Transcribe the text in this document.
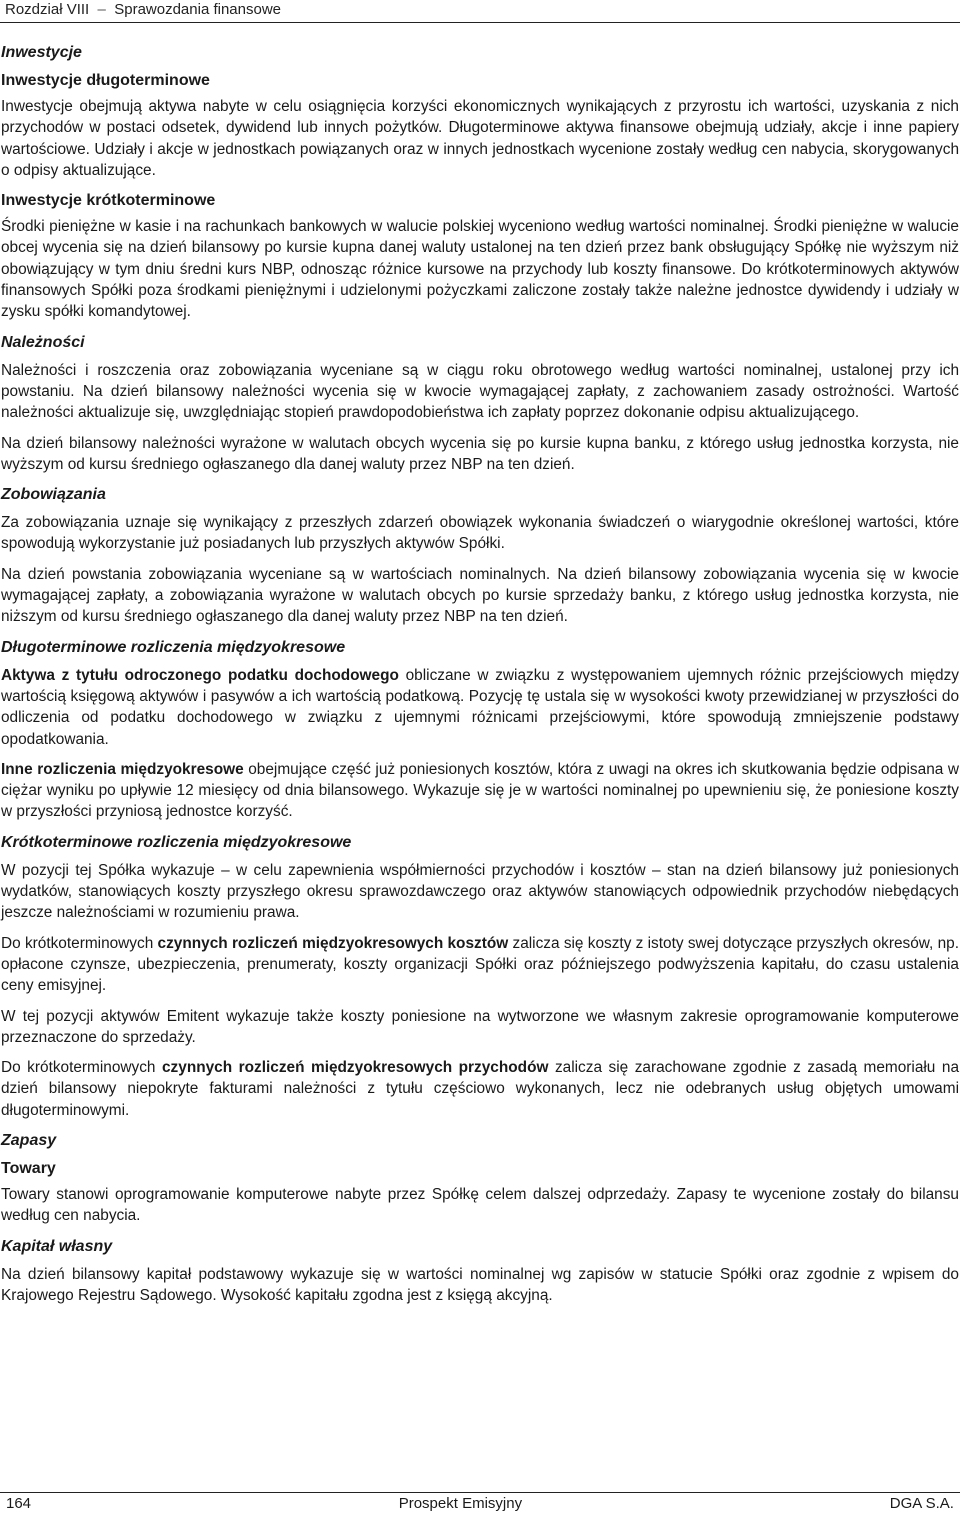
Rozdział VIII  –  Sprawozdania finansowe
Inwestycje
Inwestycje długoterminowe

Inwestycje obejmują aktywa nabyte w celu osiągnięcia korzyści ekonomicznych wynikających z przyrostu ich wartości, uzyskania z nich przychodów w postaci odsetek, dywidend lub innych pożytków. Długoterminowe aktywa finansowe obejmują udziały, akcje i inne papiery wartościowe. Udziały i akcje w jednostkach powiązanych oraz w innych jednostkach wycenione zostały według cen nabycia, skorygowanych o odpisy aktualizujące.

Inwestycje krótkoterminowe

Środki pieniężne w kasie i na rachunkach bankowych w walucie polskiej wyceniono według wartości nominalnej. Środki pieniężne w walucie obcej wycenia się na dzień bilansowy po kursie kupna danej waluty ustalonej na ten dzień przez bank obsługujący Spółkę nie wyższym niż obowiązujący w tym dniu średni kurs NBP, odnosząc różnice kursowe na przychody lub koszty finansowe. Do krótkoterminowych aktywów finansowych Spółki poza środkami pieniężnymi i udzielonymi pożyczkami zaliczone zostały także należne jednostce dywidendy i udziały w zysku spółki komandytowej.

Należności

Należności i roszczenia oraz zobowiązania wyceniane są w ciągu roku obrotowego według wartości nominalnej, ustalonej przy ich powstaniu. Na dzień bilansowy należności wycenia się w kwocie wymagającej zapłaty, z zachowaniem zasady ostrożności. Wartość należności aktualizuje się, uwzględniając stopień prawdopodobieństwa ich zapłaty poprzez dokonanie odpisu aktualizującego.

Na dzień bilansowy należności wyrażone w walutach obcych wycenia się po kursie kupna banku, z którego usług jednostka korzysta, nie wyższym od kursu średniego ogłaszanego dla danej waluty przez NBP na ten dzień.

Zobowiązania

Za zobowiązania uznaje się wynikający z przeszłych zdarzeń obowiązek wykonania świadczeń o wiarygodnie określonej wartości, które spowodują wykorzystanie już posiadanych lub przyszłych aktywów Spółki.

Na dzień powstania zobowiązania wyceniane są w wartościach nominalnych. Na dzień bilansowy zobowiązania wycenia się w kwocie wymagającej zapłaty, a zobowiązania wyrażone w walutach obcych po kursie sprzedaży banku, z którego usług jednostka korzysta, nie niższym od kursu średniego ogłaszanego dla danej waluty przez NBP na ten dzień.

Długoterminowe rozliczenia międzyokresowe

Aktywa z tytułu odroczonego podatku dochodowego obliczane w związku z występowaniem ujemnych różnic przejściowych między wartością księgową aktywów i pasywów a ich wartością podatkową. Pozycję tę ustala się w wysokości kwoty przewidzianej w przyszłości do odliczenia od podatku dochodowego w związku z ujemnymi różnicami przejściowymi, które spowodują zmniejszenie podstawy opodatkowania.

Inne rozliczenia międzyokresowe obejmujące część już poniesionych kosztów, która z uwagi na okres ich skutkowania będzie odpisana w ciężar wyniku po upływie 12 miesięcy od dnia bilansowego. Wykazuje się je w wartości nominalnej po upewnieniu się, że poniesione koszty w przyszłości przyniosą jednostce korzyść.

Krótkoterminowe rozliczenia międzyokresowe

W pozycji tej Spółka wykazuje – w celu zapewnienia współmierności przychodów i kosztów – stan na dzień bilansowy już poniesionych wydatków, stanowiących koszty przyszłego okresu sprawozdawczego oraz aktywów stanowiących odpowiednik przychodów niebędących jeszcze należnościami w rozumieniu prawa.

Do krótkoterminowych czynnych rozliczeń międzyokresowych kosztów zalicza się koszty z istoty swej dotyczące przyszłych okresów, np. opłacone czynsze, ubezpieczenia, prenumeraty, koszty organizacji Spółki oraz późniejszego podwyższenia kapitału, do czasu ustalenia ceny emisyjnej.

W tej pozycji aktywów Emitent wykazuje także koszty poniesione na wytworzone we własnym zakresie oprogramowanie komputerowe przeznaczone do sprzedaży.

Do krótkoterminowych czynnych rozliczeń międzyokresowych przychodów zalicza się zarachowane zgodnie z zasadą memoriału na dzień bilansowy niepokryte fakturami należności z tytułu częściowo wykonanych, lecz nie odebranych usług objętych umowami długoterminowymi.

Zapasy
Towary

Towary stanowi oprogramowanie komputerowe nabyte przez Spółkę celem dalszej odprzedaży. Zapasy te wycenione zostały do bilansu według cen nabycia.

Kapitał własny

Na dzień bilansowy kapitał podstawowy wykazuje się w wartości nominalnej wg zapisów w statucie Spółki oraz zgodnie z wpisem do Krajowego Rejestru Sądowego. Wysokość kapitału zgodna jest z księgą akcyjną.

164	Prospekt Emisyjny	DGA S.A.
